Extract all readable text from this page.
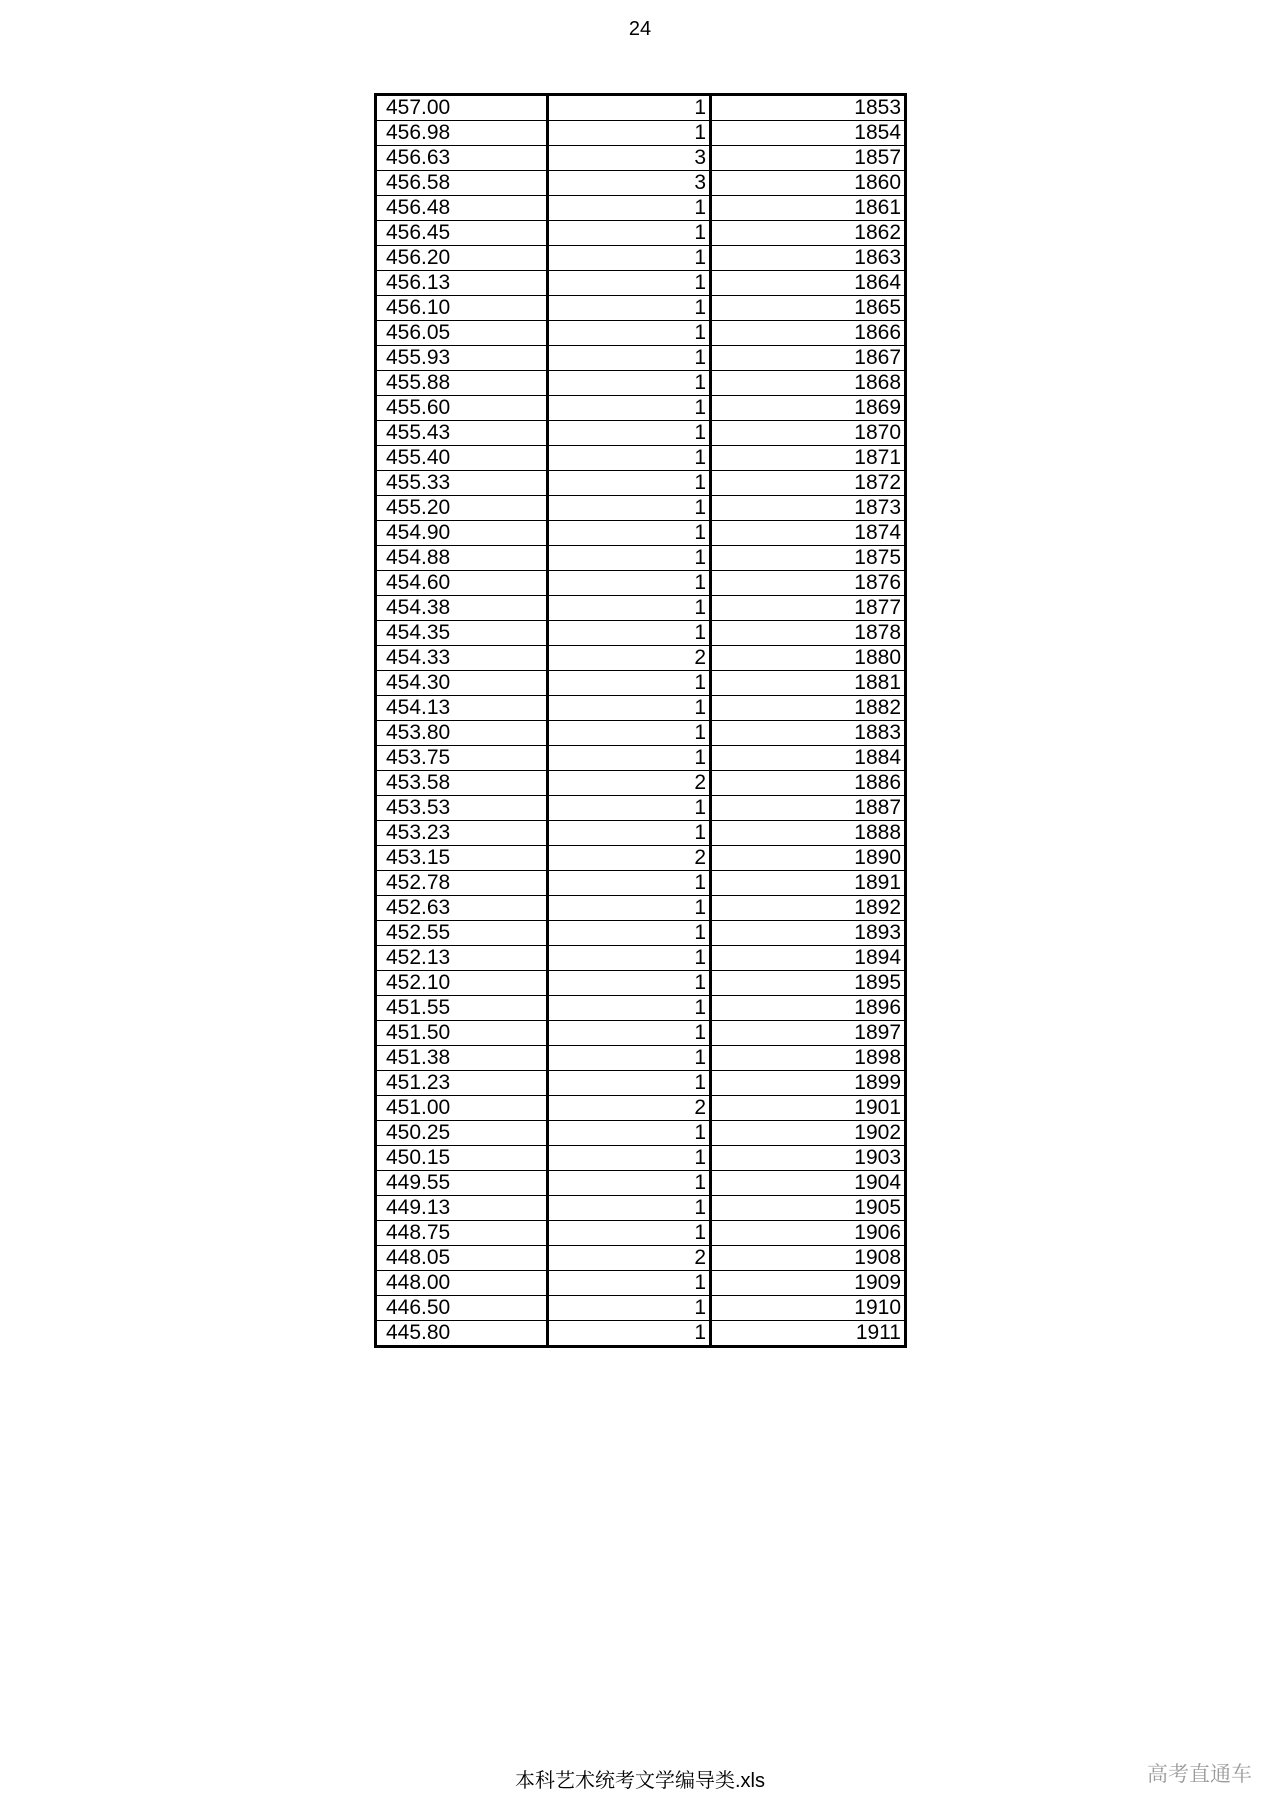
24
457.00	1	1853
456.98	1	1854
456.63	3	1857
456.58	3	1860
456.48	1	1861
456.45	1	1862
456.20	1	1863
456.13	1	1864
456.10	1	1865
456.05	1	1866
455.93	1	1867
455.88	1	1868
455.60	1	1869
455.43	1	1870
455.40	1	1871
455.33	1	1872
455.20	1	1873
454.90	1	1874
454.88	1	1875
454.60	1	1876
454.38	1	1877
454.35	1	1878
454.33	2	1880
454.30	1	1881
454.13	1	1882
453.80	1	1883
453.75	1	1884
453.58	2	1886
453.53	1	1887
453.23	1	1888
453.15	2	1890
452.78	1	1891
452.63	1	1892
452.55	1	1893
452.13	1	1894
452.10	1	1895
451.55	1	1896
451.50	1	1897
451.38	1	1898
451.23	1	1899
451.00	2	1901
450.25	1	1902
450.15	1	1903
449.55	1	1904
449.13	1	1905
448.75	1	1906
448.05	2	1908
448.00	1	1909
446.50	1	1910
445.80	1	1911
本科艺术统考文学编导类.xls	高考直通车
